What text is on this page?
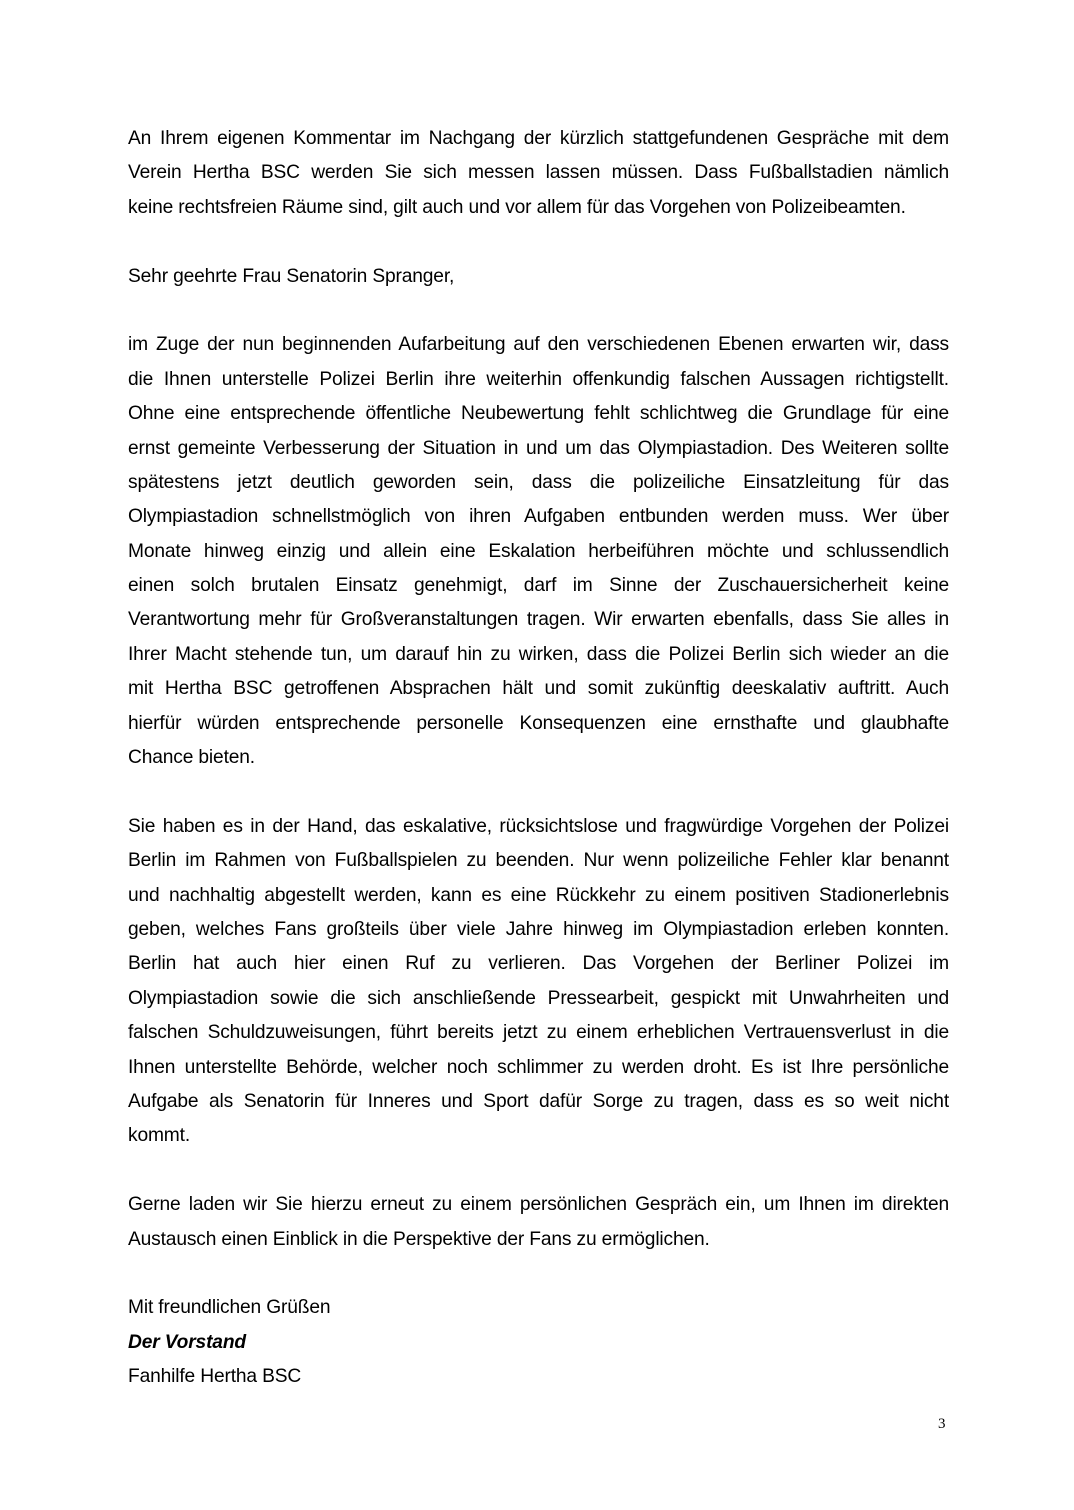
An Ihrem eigenen Kommentar im Nachgang der kürzlich stattgefundenen Gespräche mit dem
Verein Hertha BSC werden Sie sich messen lassen müssen. Dass Fußballstadien nämlich
keine rechtsfreien Räume sind, gilt auch und vor allem für das Vorgehen von Polizeibeamten.
Sehr geehrte Frau Senatorin Spranger,
im Zuge der nun beginnenden Aufarbeitung auf den verschiedenen Ebenen erwarten wir, dass
die Ihnen unterstelle Polizei Berlin ihre weiterhin offenkundig falschen Aussagen richtigstellt.
Ohne eine entsprechende öffentliche Neubewertung fehlt schlichtweg die Grundlage für eine
ernst gemeinte Verbesserung der Situation in und um das Olympiastadion. Des Weiteren sollte
spätestens jetzt deutlich geworden sein, dass die polizeiliche Einsatzleitung für das
Olympiastadion schnellstmöglich von ihren Aufgaben entbunden werden muss. Wer über
Monate hinweg einzig und allein eine Eskalation herbeiführen möchte und schlussendlich
einen solch brutalen Einsatz genehmigt, darf im Sinne der Zuschauersicherheit keine
Verantwortung mehr für Großveranstaltungen tragen. Wir erwarten ebenfalls, dass Sie alles in
Ihrer Macht stehende tun, um darauf hin zu wirken, dass die Polizei Berlin sich wieder an die
mit Hertha BSC getroffenen Absprachen hält und somit zukünftig deeskalativ auftritt. Auch
hierfür würden entsprechende personelle Konsequenzen eine ernsthafte und glaubhafte
Chance bieten.
Sie haben es in der Hand, das eskalative, rücksichtslose und fragwürdige Vorgehen der Polizei
Berlin im Rahmen von Fußballspielen zu beenden. Nur wenn polizeiliche Fehler klar benannt
und nachhaltig abgestellt werden, kann es eine Rückkehr zu einem positiven Stadionerlebnis
geben, welches Fans großteils über viele Jahre hinweg im Olympiastadion erleben konnten.
Berlin hat auch hier einen Ruf zu verlieren. Das Vorgehen der Berliner Polizei im
Olympiastadion sowie die sich anschließende Pressearbeit, gespickt mit Unwahrheiten und
falschen Schuldzuweisungen, führt bereits jetzt zu einem erheblichen Vertrauensverlust in die
Ihnen unterstellte Behörde, welcher noch schlimmer zu werden droht. Es ist Ihre persönliche
Aufgabe als Senatorin für Inneres und Sport dafür Sorge zu tragen, dass es so weit nicht
kommt.
Gerne laden wir Sie hierzu erneut zu einem persönlichen Gespräch ein, um Ihnen im direkten
Austausch einen Einblick in die Perspektive der Fans zu ermöglichen.
Mit freundlichen Grüßen
Der Vorstand
Fanhilfe Hertha BSC
3
